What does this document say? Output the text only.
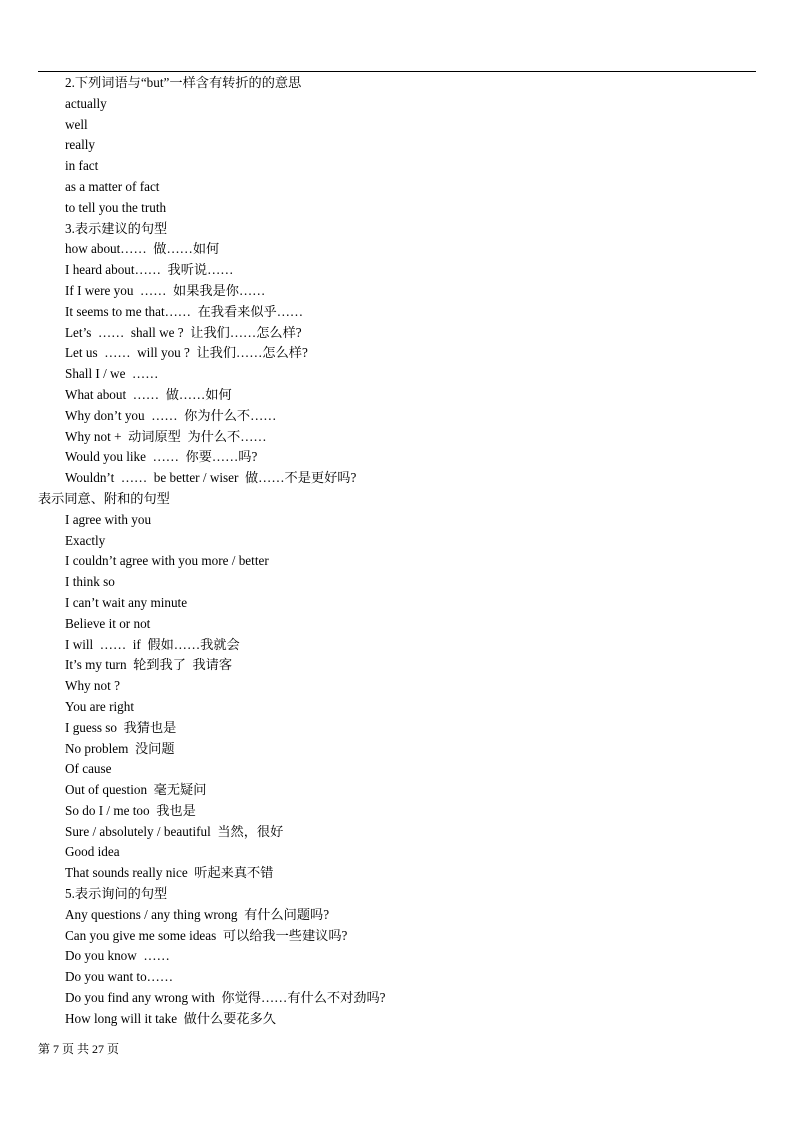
2.下列词语与“but”一样含有转折的的意思
actually
well
really
in fact
as a matter of fact
to tell you the truth
3.表示建议的句型
how about……  做……如何
I heard about……  我听说……
If I were you  ……  如果我是你……
It seems to me that……  在我看来似乎……
Let’s  ……  shall we ?  让我们……怎么样?
Let us  ……  will you ?  让我们……怎么样?
Shall I / we  ……
What about  ……  做……如何
Why don’t you  ……  你为什么不……
Why not +  动词原型  为什么不……
Would you like  ……  你要……吗?
Wouldn’t  ……  be better / wiser  做……不是更好吗?
表示同意、附和的句型
I agree with you
Exactly
I couldn’t agree with you more / better
I think so
I can’t wait any minute
Believe it or not
I will  ……  if  假如……我就会
It’s my turn  轮到我了  我请客
Why not ?
You are right
I guess so  我猜也是
No problem  没问题
Of cause
Out of question  毫无疑问
So do I / me too  我也是
Sure / absolutely / beautiful  当然，很好
Good idea
That sounds really nice  听起来真不错
5.表示询问的句型
Any questions / any thing wrong  有什么问题吗?
Can you give me some ideas  可以给我一些建议吗?
Do you know  ……
Do you want to……
Do you find any wrong with  你觉得……有什么不对劲吗?
How long will it take  做什么要花多久
第 7 页 共 27 页
